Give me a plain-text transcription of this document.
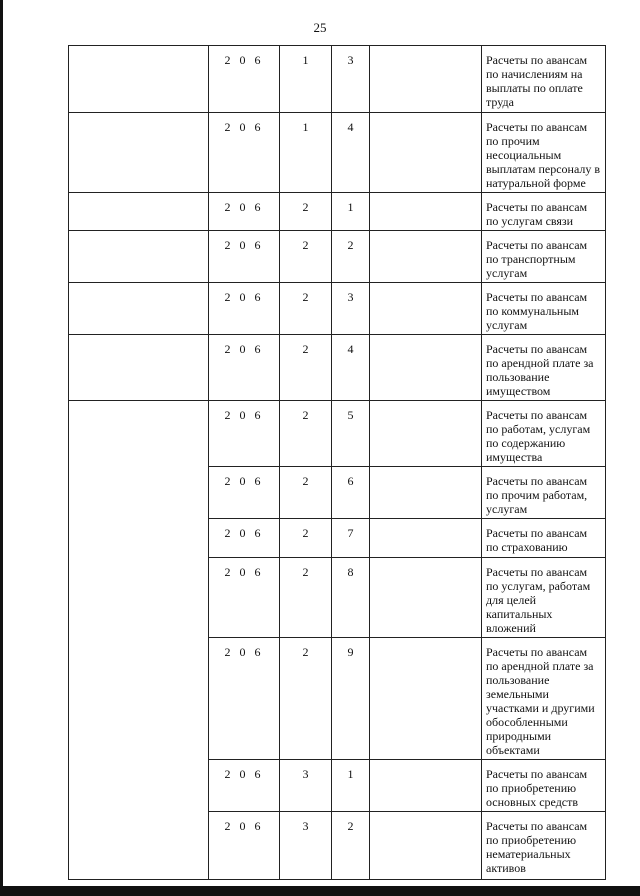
25
	2 0 6	1	3		Расчеты по авансам по начислениям на выплаты по оплате труда
	2 0 6	1	4		Расчеты по авансам по прочим несоциальным выплатам персоналу в натуральной форме
	2 0 6	2	1		Расчеты по авансам по услугам связи
	2 0 6	2	2		Расчеты по авансам по транспортным услугам
	2 0 6	2	3		Расчеты по авансам по коммунальным услугам
	2 0 6	2	4		Расчеты по авансам по арендной плате за пользование имуществом
	2 0 6	2	5		Расчеты по авансам по работам, услугам по содержанию имущества
	2 0 6	2	6		Расчеты по авансам по прочим работам, услугам
	2 0 6	2	7		Расчеты по авансам по страхованию
	2 0 6	2	8		Расчеты по авансам по услугам, работам для целей капитальных вложений
	2 0 6	2	9		Расчеты по авансам по арендной плате за пользование земельными участками и другими обособленными природными объектами
	2 0 6	3	1		Расчеты по авансам по приобретению основных средств
	2 0 6	3	2		Расчеты по авансам по приобретению нематериальных активов
